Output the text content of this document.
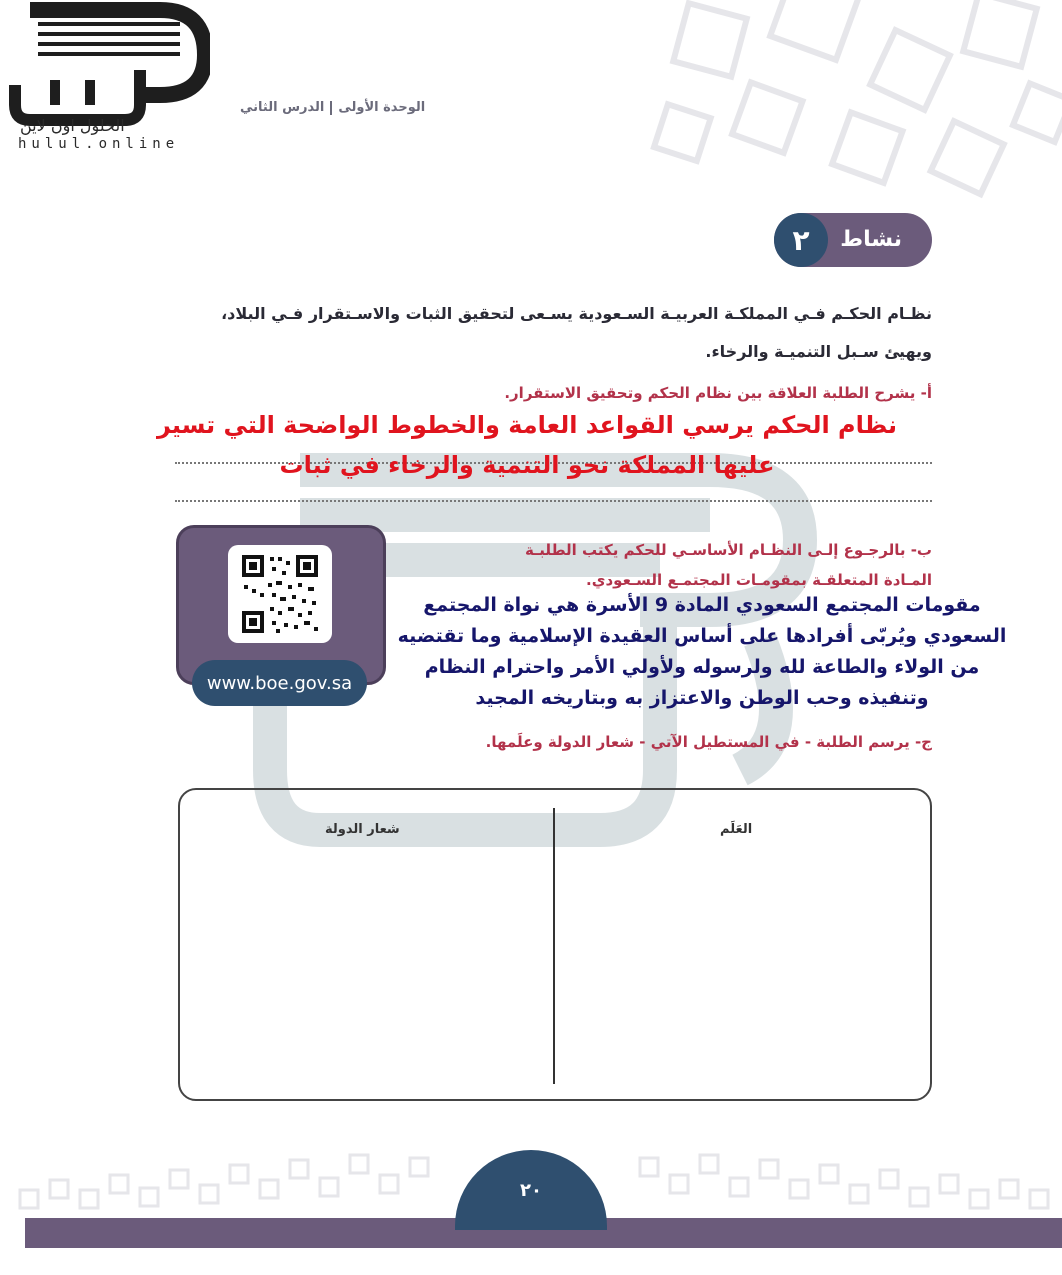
الوحدة الأولىالدرس الثاني
نشاط
٢
نظـام الحكـم فـي المملكـة العربيـة السـعودية يسـعى لتحقيق الثبات والاسـتقرار فـي البلاد،
ويهيئ سـبل التنميـة والرخاء.
أ- يشرح الطلبة العلاقة بين نظام الحكم وتحقيق الاستقرار.
نظام الحكم يرسي القواعد العامة والخطوط الواضحة التي تسير عليها المملكة نحو التنمية والرخاء في ثبات
www.boe.gov.sa
ب- بالرجـوع إلـى النظـام الأساسـي للحكم يكتب الطلبـة
المـادة المتعلقـة بمقومـات المجتمـع السـعودي.
مقومات المجتمع السعودي المادة 9 الأسرة هي نواة المجتمع السعودي ويُربّى أفرادها على أساس العقيدة الإسلامية وما تقتضيه من الولاء والطاعة لله ولرسوله ولأولي الأمر واحترام النظام وتنفيذه وحب الوطن والاعتزاز به وبتاريخه المجيد
ج- يرسم الطلبة - في المستطيل الآتي - شعار الدولة وعلَمها.
العَلَم
شعار الدولة
الحلول اون لاين
hulul.online
٢٠
